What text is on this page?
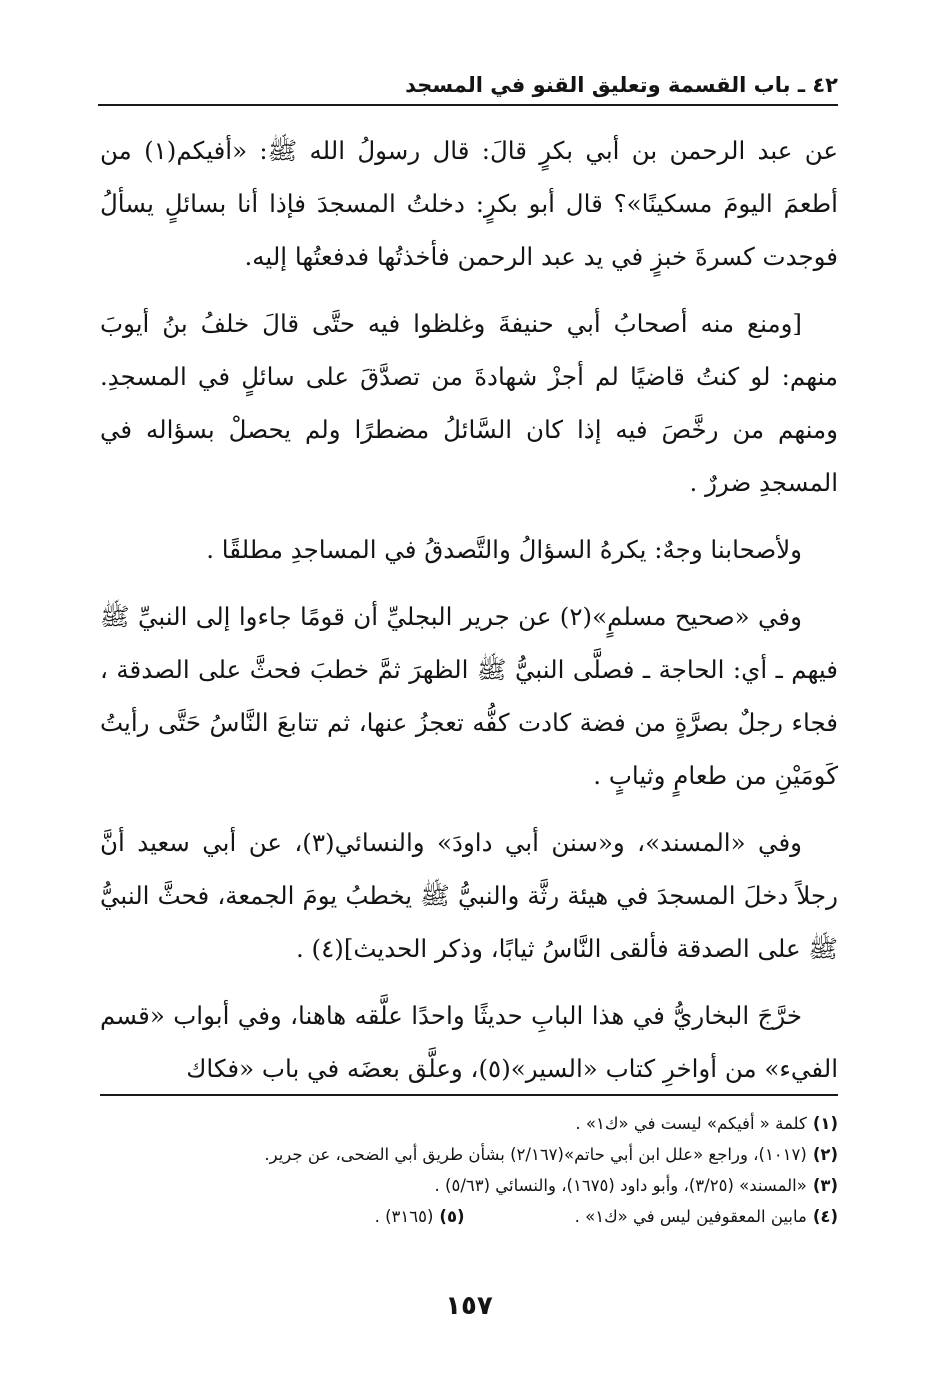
٤٢ ـ باب القسمة وتعليق القنو في المسجد

عن عبد الرحمن بن أبي بكرٍ قالَ: قال رسولُ الله ﷺ: «أفيكم(١) من أطعمَ اليومَ مسكينًا»؟ قال أبو بكرٍ: دخلتُ المسجدَ فإذا أنا بسائلٍ يسألُ فوجدت كسرةَ خبزٍ في يد عبد الرحمن فأخذتُها فدفعتُها إليه.

[ومنع منه أصحابُ أبي حنيفةَ وغلظوا فيه حتَّى قالَ خلفُ بنُ أيوبَ منهم: لو كنتُ قاضيًا لم أجزْ شهادةَ من تصدَّقَ على سائلٍ في المسجدِ. ومنهم من رخَّصَ فيه إذا كان السَّائلُ مضطرًا ولم يحصلْ بسؤاله في المسجدِ ضررٌ .

ولأصحابنا وجهٌ: يكرهُ السؤالُ والتَّصدقُ في المساجدِ مطلقًا .

وفي «صحيح مسلمٍ»(٢) عن جرير البجليِّ أن قومًا جاءوا إلى النبيِّ ﷺ فيهم ـ أي: الحاجة ـ فصلَّى النبيُّ ﷺ الظهرَ ثمَّ خطبَ فحثَّ على الصدقة ، فجاء رجلٌ بصرَّةٍ من فضة كادت كفُّه تعجزُ عنها، ثم تتابعَ النَّاسُ حَتَّى رأيتُ كَومَيْنِ من طعامٍ وثيابٍ .

وفي «المسند»، و«سنن أبي داودَ» والنسائي(٣)، عن أبي سعيد أنَّ رجلاً دخلَ المسجدَ في هيئة رثَّة والنبيُّ ﷺ يخطبُ يومَ الجمعة، فحثَّ النبيُّ ﷺ على الصدقة فألقى النَّاسُ ثيابًا، وذكر الحديث](٤) .

خرَّجَ البخاريُّ في هذا البابِ حديثًا واحدًا علَّقه هاهنا، وفي أبواب «قسم الفيء» من أواخرِ كتاب «السير»(٥)، وعلَّق بعضَه في باب «فكاك

(١)كلمة « أفيكم» ليست في «ك١» .
(٢)(١٠١٧)، وراجع «علل ابن أبي حاتم»(٢/١٦٧) بشأن طريق أبي الضحى، عن جرير.
(٣)«المسند» (٣/٢٥)، وأبو داود (١٦٧٥)، والنسائي (٥/٦٣) .
(٤)مابين المعقوفين ليس في «ك١» .(٥)(٣١٦٥) .
١٥٧
